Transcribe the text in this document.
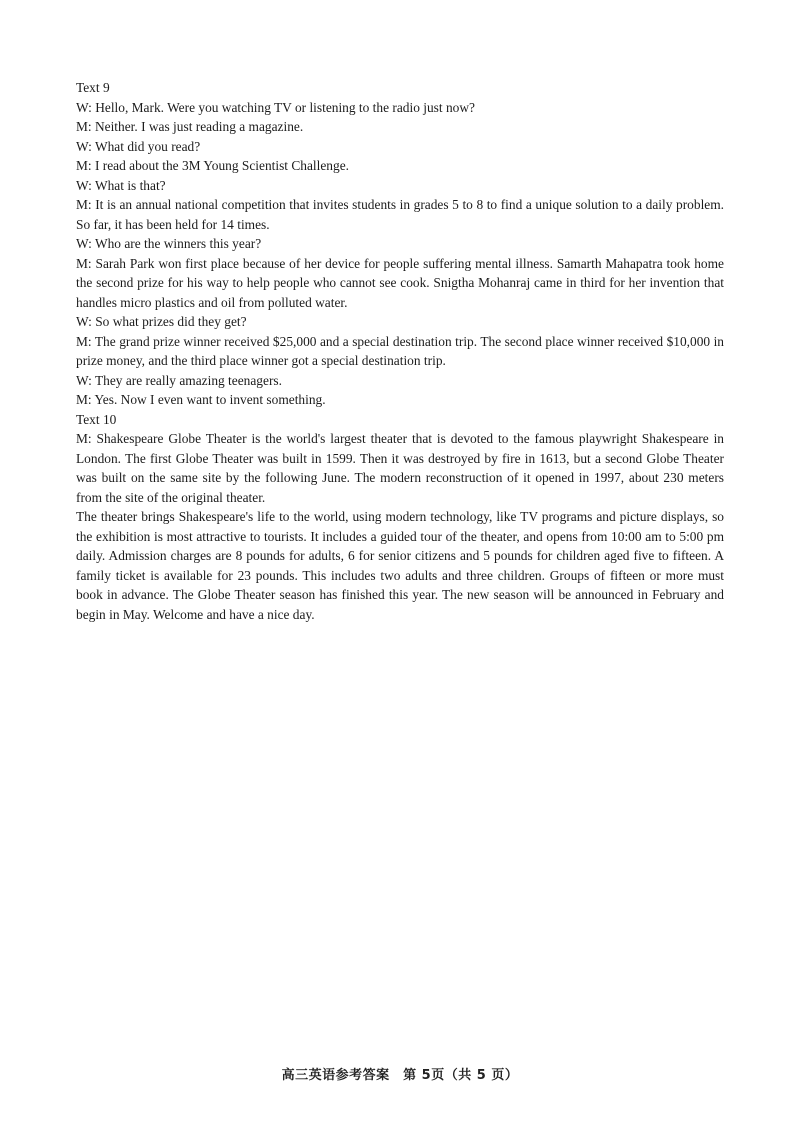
Text 9

W: Hello, Mark. Were you watching TV or listening to the radio just now?

M: Neither. I was just reading a magazine.

W: What did you read?

M: I read about the 3M Young Scientist Challenge.

W: What is that?

M: It is an annual national competition that invites students in grades 5 to 8 to find a unique solution to a daily problem. So far, it has been held for 14 times.

W: Who are the winners this year?

M: Sarah Park won first place because of her device for people suffering mental illness. Samarth Mahapatra took home the second prize for his way to help people who cannot see cook. Snigtha Mohanraj came in third for her invention that handles micro plastics and oil from polluted water.

W: So what prizes did they get?

M: The grand prize winner received $25,000 and a special destination trip. The second place winner received $10,000 in prize money, and the third place winner got a special destination trip.

W: They are really amazing teenagers.

M: Yes. Now I even want to invent something.

Text 10

M: Shakespeare Globe Theater is the world's largest theater that is devoted to the famous playwright Shakespeare in London. The first Globe Theater was built in 1599. Then it was destroyed by fire in 1613, but a second Globe Theater was built on the same site by the following June. The modern reconstruction of it opened in 1997, about 230 meters from the site of the original theater.

The theater brings Shakespeare's life to the world, using modern technology, like TV programs and picture displays, so the exhibition is most attractive to tourists. It includes a guided tour of the theater, and opens from 10:00 am to 5:00 pm daily. Admission charges are 8 pounds for adults, 6 for senior citizens and 5 pounds for children aged five to fifteen. A family ticket is available for 23 pounds. This includes two adults and three children. Groups of fifteen or more must book in advance. The Globe Theater season has finished this year. The new season will be announced in February and begin in May. Welcome and have a nice day.

高三英语参考答案　第 5页（共 5 页）
